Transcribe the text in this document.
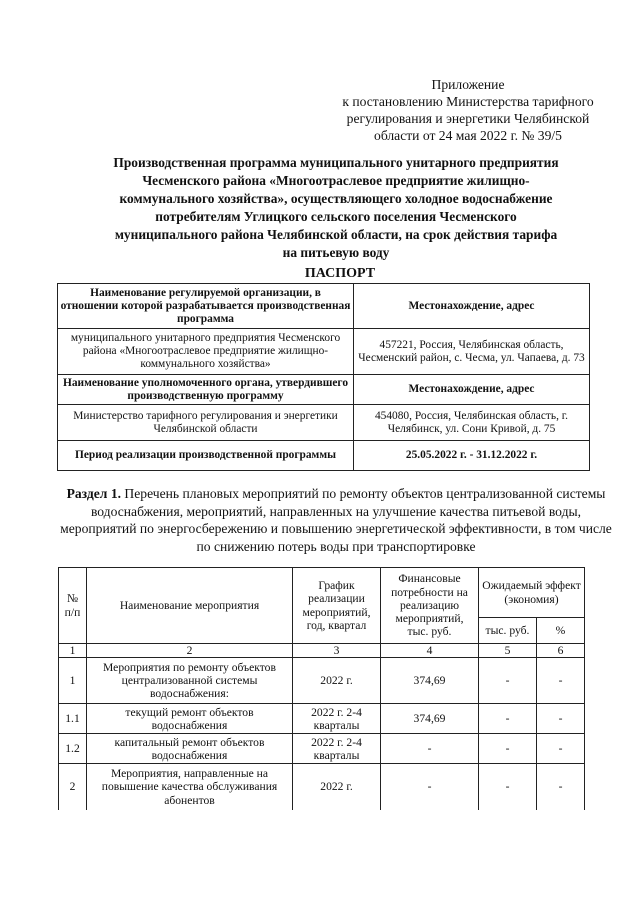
Приложение
к постановлению Министерства тарифного
регулирования и энергетики Челябинской
области от 24 мая 2022 г. № 39/5
Производственная программа муниципального унитарного предприятия
Чесменского района «Многоотраслевое предприятие жилищно-
коммунального хозяйства», осуществляющего холодное водоснабжение
потребителям Углицкого сельского поселения Чесменского
муниципального района Челябинской области, на срок действия тарифа
на питьевую воду
ПАСПОРТ
Наименование регулируемой организации, в отношении которой разрабатывается производственная программа	Местонахождение, адрес
муниципального унитарного предприятия Чесменского района «Многоотраслевое предприятие жилищно-коммунального хозяйства»	457221, Россия, Челябинская область, Чесменский район, с. Чесма, ул. Чапаева, д. 73
Наименование уполномоченного органа, утвердившего производственную программу	Местонахождение, адрес
Министерство тарифного регулирования и энергетики Челябинской области	454080, Россия, Челябинская область, г. Челябинск, ул. Сони Кривой, д. 75
Период реализации производственной программы	25.05.2022 г. - 31.12.2022 г.
Раздел 1. Перечень плановых мероприятий по ремонту объектов централизованной системы водоснабжения, мероприятий, направленных на улучшение качества питьевой воды, мероприятий по энергосбережению и повышению энергетической эффективности, в том числе по снижению потерь воды при транспортировке
№ п/п	Наименование мероприятия	График реализации мероприятий, год, квартал	Финансовые потребности на реализацию мероприятий, тыс. руб.	Ожидаемый эффект (экономия)	
				тыс. руб.	%
1	2	3	4	5	6
1	Мероприятия по ремонту объектов централизованной системы водоснабжения:	2022 г.	374,69	-	-
1.1	текущий ремонт объектов водоснабжения	2022 г. 2-4 кварталы	374,69	-	-
1.2	капитальный ремонт объектов водоснабжения	2022 г. 2-4 кварталы	-	-	-
2	Мероприятия, направленные на повышение качества обслуживания абонентов	2022 г.	-	-	-
